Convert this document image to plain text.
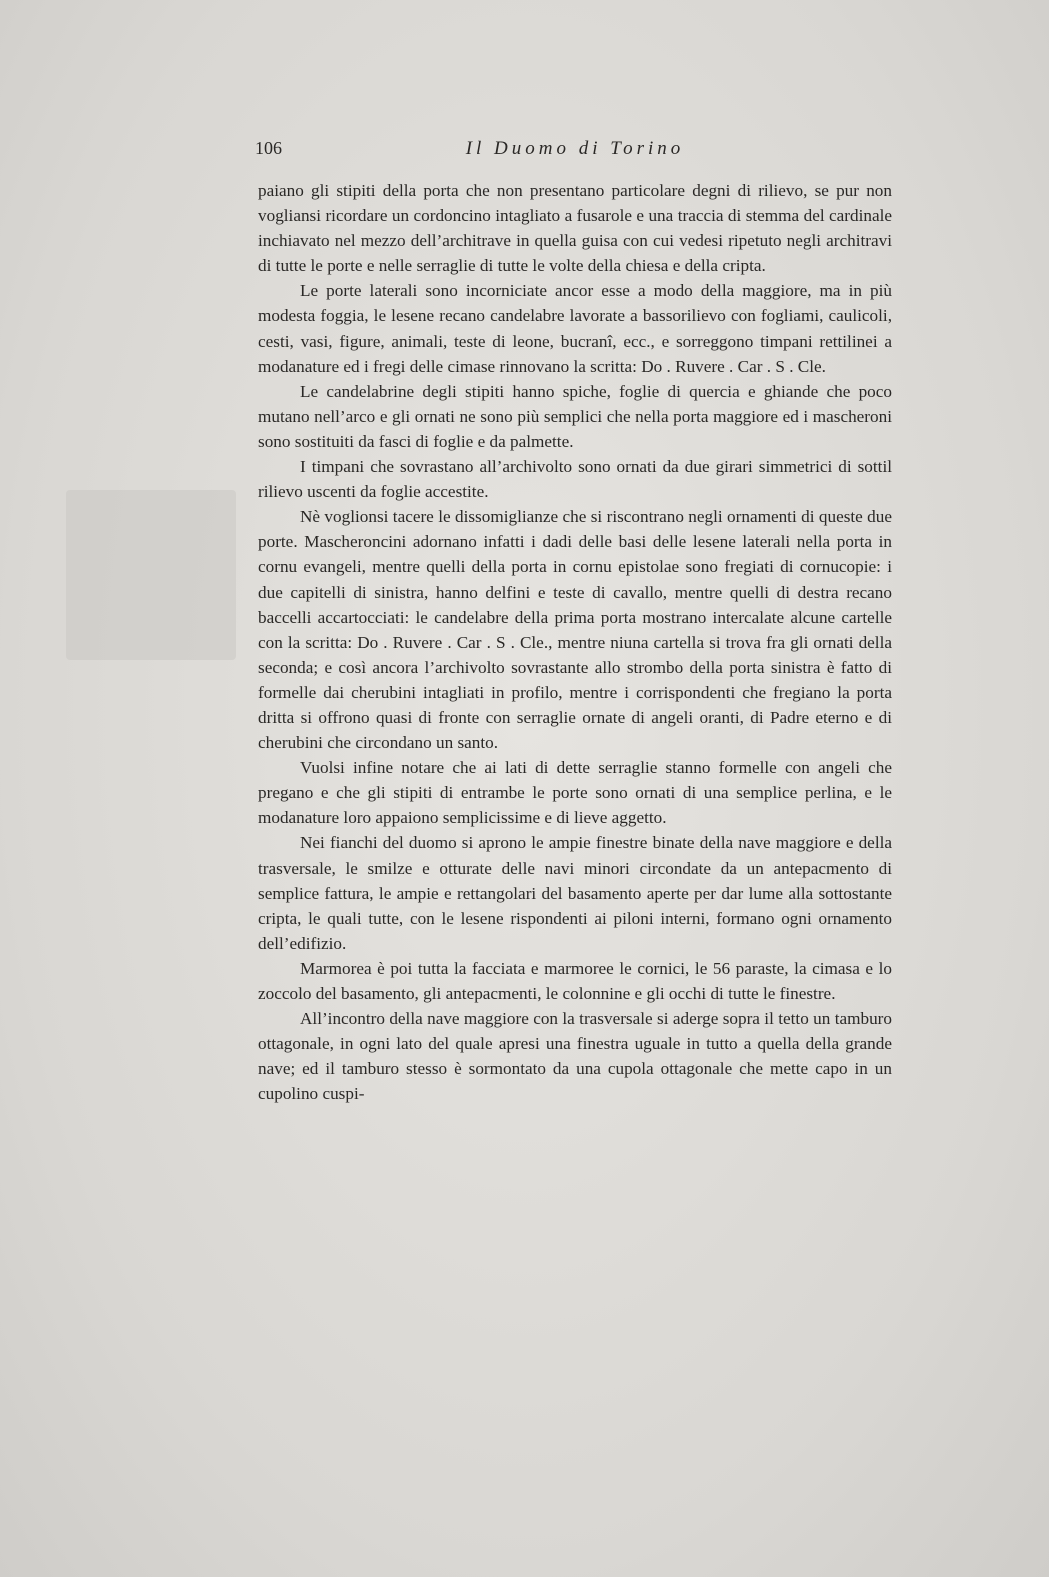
106	Il Duomo di Torino

paiano gli stipiti della porta che non presentano particolare degni di rilievo, se pur non vogliansi ricordare un cordoncino intagliato a fusarole e una traccia di stemma del cardinale inchiavato nel mezzo dell’architrave in quella guisa con cui vedesi ripetuto negli architravi di tutte le porte e nelle serraglie di tutte le volte della chiesa e della cripta.

Le porte laterali sono incorniciate ancor esse a modo della maggiore, ma in più modesta foggia, le lesene recano candelabre lavorate a bassorilievo con fogliami, caulicoli, cesti, vasi, figure, animali, teste di leone, bucranî, ecc., e sorreggono timpani rettilinei a modanature ed i fregi delle cimase rinnovano la scritta: Do . Ruvere . Car . S . Cle.

Le candelabrine degli stipiti hanno spiche, foglie di quercia e ghiande che poco mutano nell’arco e gli ornati ne sono più semplici che nella porta maggiore ed i mascheroni sono sostituiti da fasci di foglie e da palmette.

I timpani che sovrastano all’archivolto sono ornati da due girari simmetrici di sottil rilievo uscenti da foglie accestite.

Nè voglionsi tacere le dissomiglianze che si riscontrano negli ornamenti di queste due porte. Mascheroncini adornano infatti i dadi delle basi delle lesene laterali nella porta in cornu evangeli, mentre quelli della porta in cornu epistolae sono fregiati di cornucopie: i due capitelli di sinistra, hanno delfini e teste di cavallo, mentre quelli di destra recano baccelli accartocciati: le candelabre della prima porta mostrano intercalate alcune cartelle con la scritta: Do . Ruvere . Car . S . Cle., mentre niuna cartella si trova fra gli ornati della seconda; e così ancora l’archivolto sovrastante allo strombo della porta sinistra è fatto di formelle dai cherubini intagliati in profilo, mentre i corrispondenti che fregiano la porta dritta si offrono quasi di fronte con serraglie ornate di angeli oranti, di Padre eterno e di cherubini che circondano un santo.

Vuolsi infine notare che ai lati di dette serraglie stanno formelle con angeli che pregano e che gli stipiti di entrambe le porte sono ornati di una semplice perlina, e le modanature loro appaiono semplicissime e di lieve aggetto.

Nei fianchi del duomo si aprono le ampie finestre binate della nave maggiore e della trasversale, le smilze e otturate delle navi minori circondate da un antepacmento di semplice fattura, le ampie e rettangolari del basamento aperte per dar lume alla sottostante cripta, le quali tutte, con le lesene rispondenti ai piloni interni, formano ogni ornamento dell’edifizio.

Marmorea è poi tutta la facciata e marmoree le cornici, le 56 paraste, la cimasa e lo zoccolo del basamento, gli antepacmenti, le colonnine e gli occhi di tutte le finestre.

All’incontro della nave maggiore con la trasversale si aderge sopra il tetto un tamburo ottagonale, in ogni lato del quale apresi una finestra uguale in tutto a quella della grande nave; ed il tamburo stesso è sormontato da una cupola ottagonale che mette capo in un cupolino cuspi-
